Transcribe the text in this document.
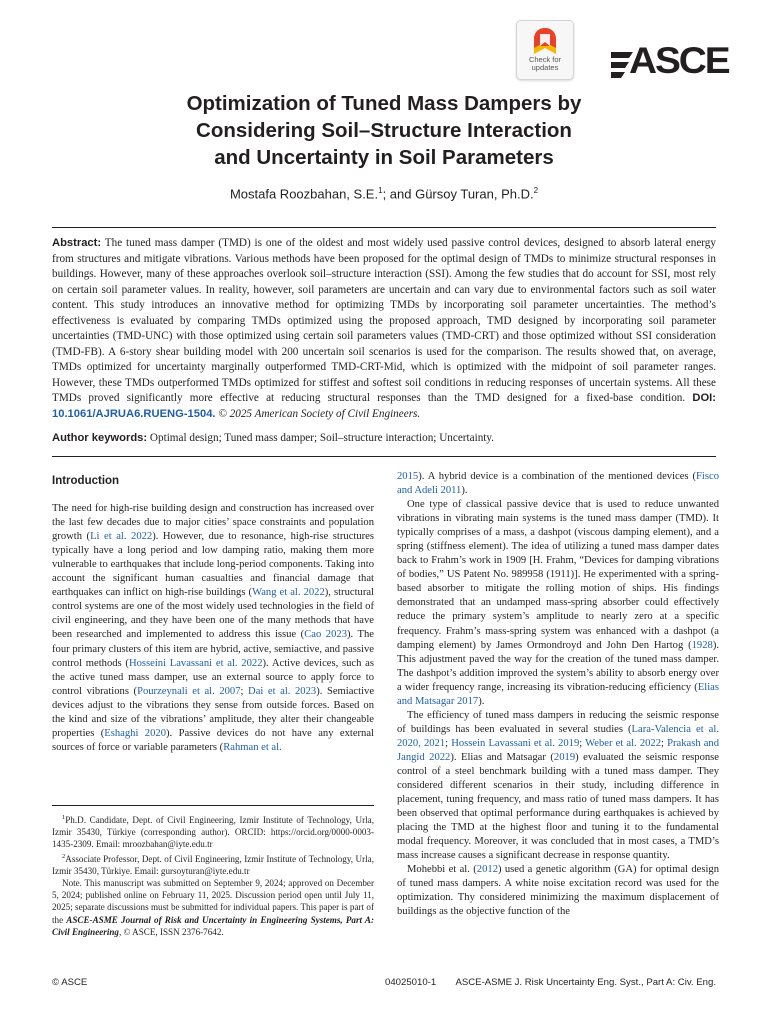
Check for
updates	ASCE
Optimization of Tuned Mass Dampers by
Considering Soil–Structure Interaction
and Uncertainty in Soil Parameters
Mostafa Roozbahan, S.E.$^1$; and Gürsoy Turan, Ph.D.$^2$
Abstract: The tuned mass damper (TMD) is one of the oldest and most widely used passive control devices, designed to absorb lateral energy from structures and mitigate vibrations. Various methods have been proposed for the optimal design of TMDs to minimize structural responses in buildings. However, many of these approaches overlook soil–structure interaction (SSI). Among the few studies that do account for SSI, most rely on certain soil parameter values. In reality, however, soil parameters are uncertain and can vary due to environmental factors such as soil water content. This study introduces an innovative method for optimizing TMDs by incorporating soil parameter uncertainties. The method’s effectiveness is evaluated by comparing TMDs optimized using the proposed approach, TMD designed by incorporating soil parameter uncertainties (TMD-UNC) with those optimized using certain soil parameters values (TMD-CRT) and those optimized without SSI consideration (TMD-FB). A 6-story shear building model with 200 uncertain soil scenarios is used for the comparison. The results showed that, on average, TMDs optimized for uncertainty marginally outperformed TMD-CRT-Mid, which is optimized with the midpoint of soil parameter ranges. However, these TMDs outperformed TMDs optimized for stiffest and softest soil conditions in reducing responses of uncertain systems. All these TMDs proved significantly more effective at reducing structural responses than the TMD designed for a fixed-base condition. DOI: 10.1061/AJRUA6.RUENG-1504. © 2025 American Society of Civil Engineers.
Author keywords: Optimal design; Tuned mass damper; Soil–structure interaction; Uncertainty.
Introduction

The need for high-rise building design and construction has increased over the last few decades due to major cities’ space constraints and population growth (Li et al. 2022). However, due to resonance, high-rise structures typically have a long period and low damping ratio, making them more vulnerable to earthquakes that include long-period components. Taking into account the significant human casualties and financial damage that earthquakes can inflict on high-rise buildings (Wang et al. 2022), structural control systems are one of the most widely used technologies in the field of civil engineering, and they have been one of the many methods that have been researched and implemented to address this issue (Cao 2023). The four primary clusters of this item are hybrid, active, semiactive, and passive control methods (Hosseini Lavassani et al. 2022). Active devices, such as the active tuned mass damper, use an external source to apply force to control vibrations (Pourzeynali et al. 2007; Dai et al. 2023). Semiactive devices adjust to the vibrations they sense from outside forces. Based on the kind and size of the vibrations’ amplitude, they alter their changeable properties (Eshaghi 2020). Passive devices do not have any external sources of force or variable parameters (Rahman et al.

$^1$Ph.D. Candidate, Dept. of Civil Engineering, Izmir Institute of Technology, Urla, Izmir 35430, Türkiye (corresponding author). ORCID: https://orcid.org/0000-0003-1435-2309. Email: mroozbahan@iyte.edu.tr

$^2$Associate Professor, Dept. of Civil Engineering, Izmir Institute of Technology, Urla, Izmir 35430, Türkiye. Email: gursoyturan@iyte.edu.tr

Note. This manuscript was submitted on September 9, 2024; approved on December 5, 2024; published online on February 11, 2025. Discussion period open until July 11, 2025; separate discussions must be submitted for individual papers. This paper is part of the ASCE-ASME Journal of Risk and Uncertainty in Engineering Systems, Part A: Civil Engineering, © ASCE, ISSN 2376-7642.

2015). A hybrid device is a combination of the mentioned devices (Fisco and Adeli 2011).

One type of classical passive device that is used to reduce unwanted vibrations in vibrating main systems is the tuned mass damper (TMD). It typically comprises of a mass, a dashpot (viscous damping element), and a spring (stiffness element). The idea of utilizing a tuned mass damper dates back to Frahm’s work in 1909 [H. Frahm, “Devices for damping vibrations of bodies,” US Patent No. 989958 (1911)]. He experimented with a spring-based absorber to mitigate the rolling motion of ships. His findings demonstrated that an undamped mass-spring absorber could effectively reduce the primary system’s amplitude to nearly zero at a specific frequency. Frahm’s mass-spring system was enhanced with a dashpot (a damping element) by James Ormondroyd and John Den Hartog (1928). This adjustment paved the way for the creation of the tuned mass damper. The dashpot’s addition improved the system’s ability to absorb energy over a wider frequency range, increasing its vibration-reducing efficiency (Elias and Matsagar 2017).

The efficiency of tuned mass dampers in reducing the seismic response of buildings has been evaluated in several studies (Lara-Valencia et al. 2020, 2021; Hossein Lavassani et al. 2019; Weber et al. 2022; Prakash and Jangid 2022). Elias and Matsagar (2019) evaluated the seismic response control of a steel benchmark building with a tuned mass damper. They considered different scenarios in their study, including difference in placement, tuning frequency, and mass ratio of tuned mass dampers. It has been observed that optimal performance during earthquakes is achieved by placing the TMD at the highest floor and tuning it to the fundamental modal frequency. Moreover, it was concluded that in most cases, a TMD’s mass increase causes a significant decrease in response quantity.

Mohebbi et al. (2012) used a genetic algorithm (GA) for optimal design of tuned mass dampers. A white noise excitation record was used for the optimization. Thy considered minimizing the maximum displacement of buildings as the objective function of the

© ASCE	04025010-1 ASCE-ASME J. Risk Uncertainty Eng. Syst., Part A: Civ. Eng.
